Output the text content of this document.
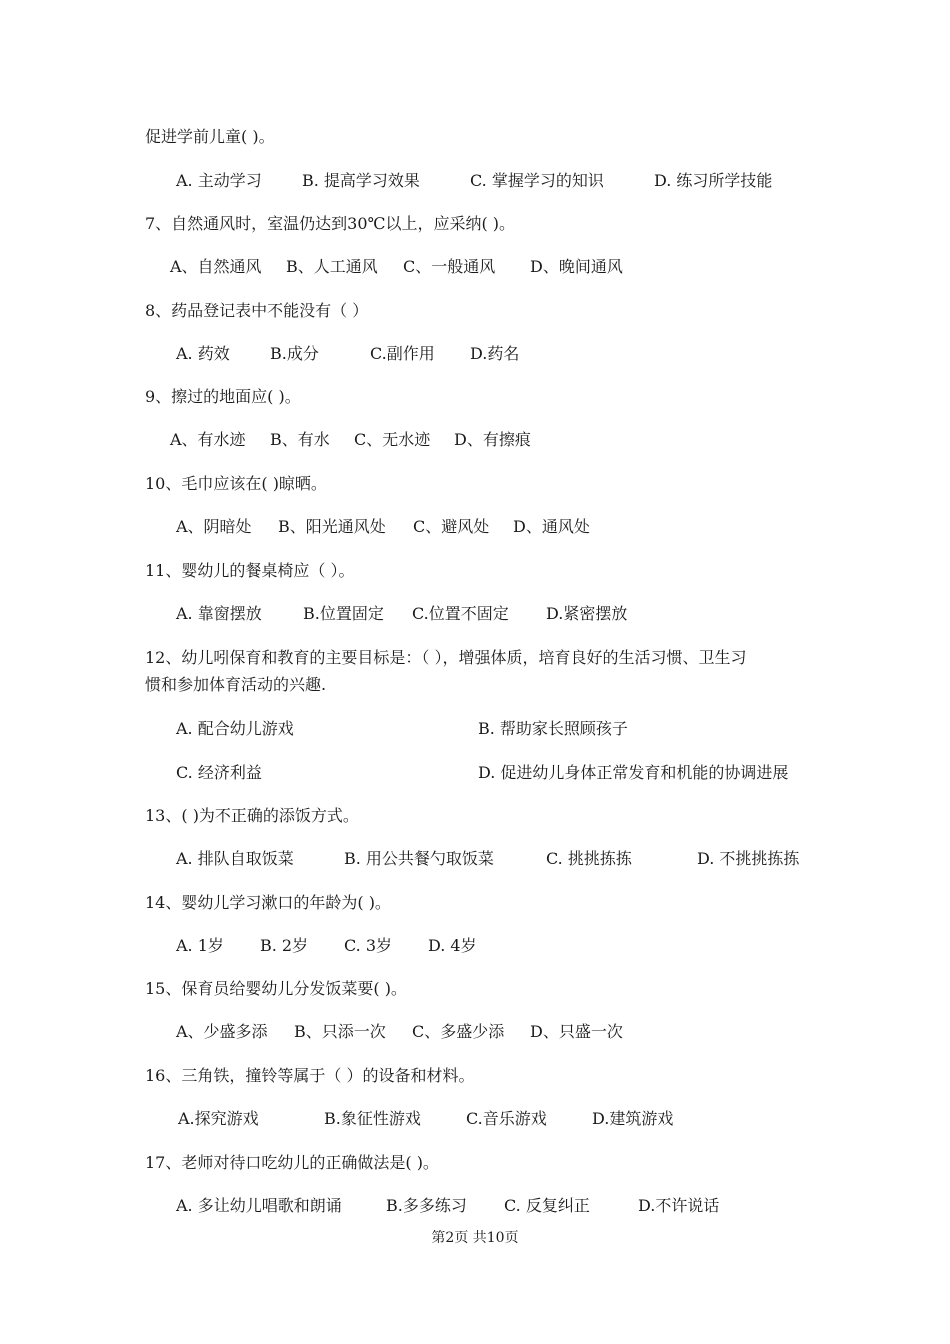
促进学前儿童( )。
A. 主动学习	B. 提高学习效果	C. 掌握学习的知识	D. 练习所学技能
7、自然通风时，室温仍达到30℃以上，应采纳( )。
A、自然通风 B、人工通风 C、一般通风 D、晚间通风
8、药品登记表中不能没有（ ）
A. 药效	B.成分	C.副作用 D.药名
9、擦过的地面应( )。
A、有水迹 B、有水 C、无水迹 D、有擦痕
10、毛巾应该在( )晾晒。
A、阴暗处 B、阳光通风处 C、避风处 D、通风处
11、婴幼儿的餐桌椅应（ ）。
A. 靠窗摆放	B.位置固定 C.位置不固定 D.紧密摆放
12、幼儿吲保育和教育的主要目标是：（ ），增强体质，培育良好的生活习惯、卫生习
惯和参加体育活动的兴趣.
A. 配合幼儿游戏	B. 帮助家长照顾孩子
C. 经济利益	D. 促进幼儿身体正常发育和机能的协调进展
13、( )为不正确的添饭方式。
A. 排队自取饭菜	B. 用公共餐勺取饭菜	C. 挑挑拣拣	D. 不挑挑拣拣
14、婴幼儿学习漱口的年龄为( )。
A. 1岁 B. 2岁 C. 3岁 D. 4岁
15、保育员给婴幼儿分发饭菜要( )。
A、少盛多添 B、只添一次 C、多盛少添 D、只盛一次
16、三角铁，撞铃等属于（ ）的设备和材料。
A.探究游戏	B.象征性游戏	C.音乐游戏	D.建筑游戏
17、老师对待口吃幼儿的正确做法是( )。
A. 多让幼儿唱歌和朗诵	B.多多练习 C. 反复纠正	D.不许说话
第2页 共10页
